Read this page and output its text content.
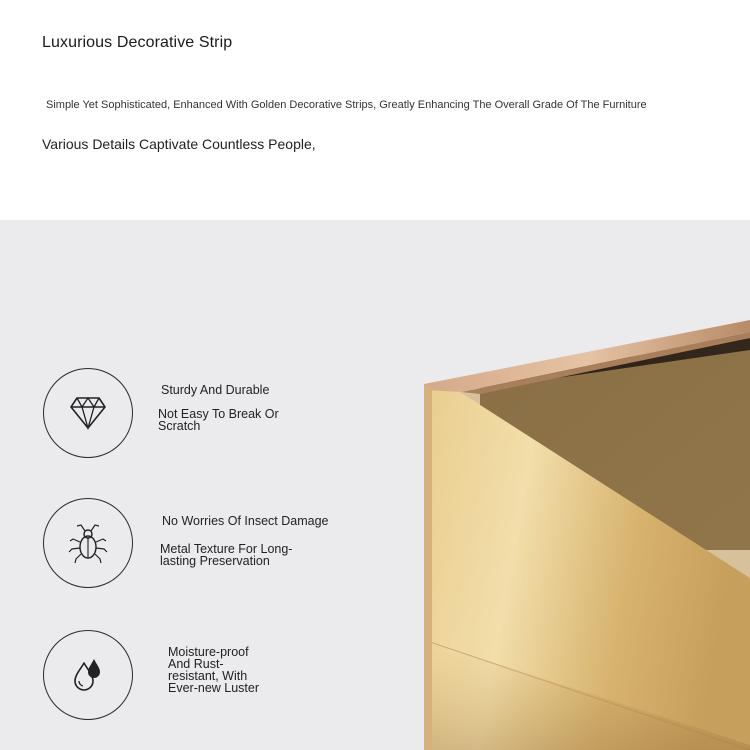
Luxurious Decorative Strip
Simple Yet Sophisticated, Enhanced With Golden Decorative Strips, Greatly Enhancing The Overall Grade Of The Furniture
Various Details Captivate Countless People,
Sturdy And Durable
Not Easy To Break Or Scratch
No Worries Of Insect Damage
Metal Texture For Long-lasting Preservation
Moisture-proof And Rust-resistant, With Ever-new Luster
